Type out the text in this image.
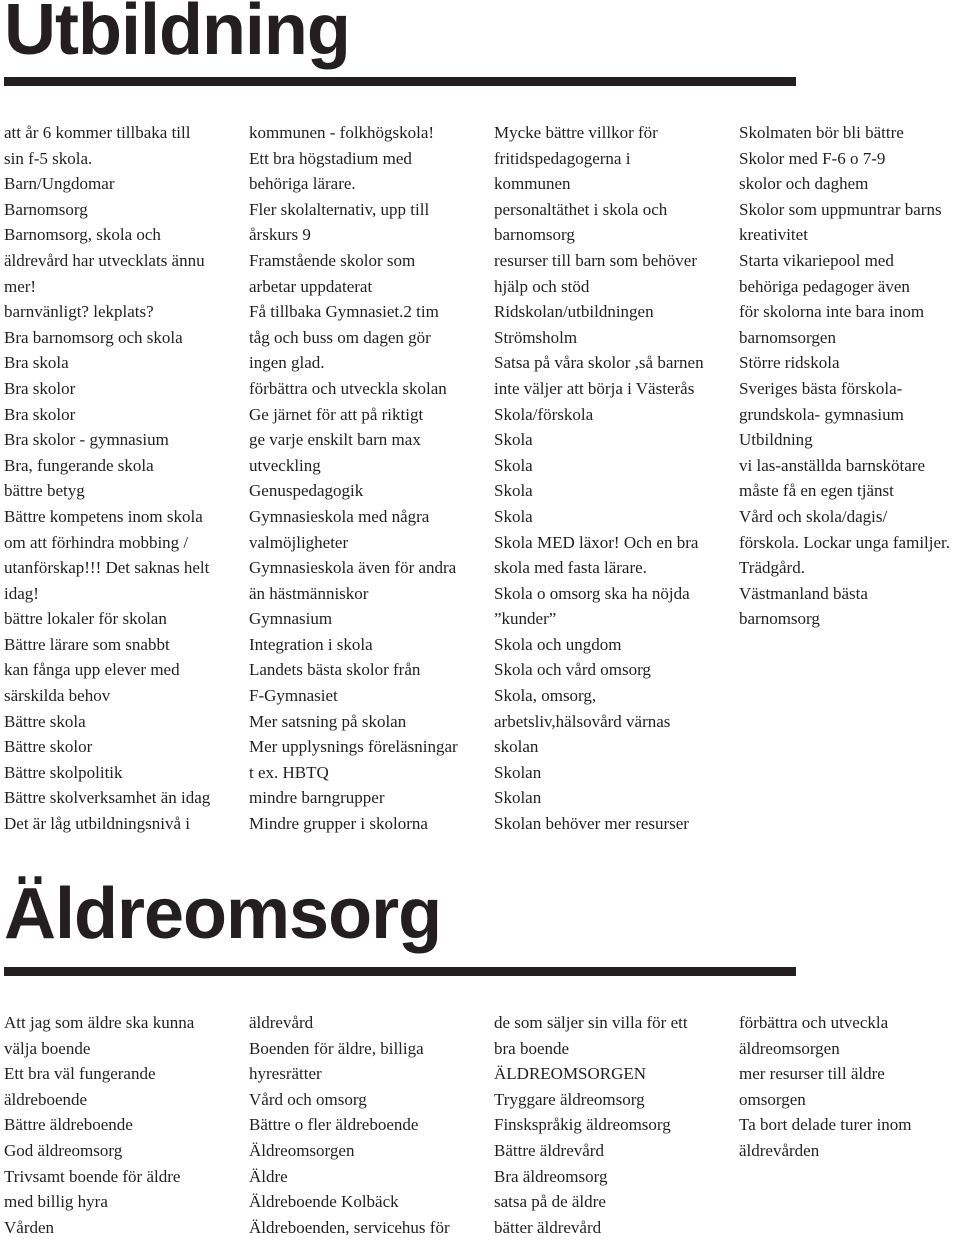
Utbildning
att år 6 kommer tillbaka till
sin f-5 skola.
Barn/Ungdomar
Barnomsorg
Barnomsorg, skola och
äldrevård har utvecklats ännu
mer!
barnvänligt? lekplats?
Bra barnomsorg och skola
Bra skola
Bra skolor
Bra skolor
Bra skolor - gymnasium
Bra, fungerande skola
bättre betyg
Bättre kompetens inom skola
om att förhindra mobbing /
utanförskap!!! Det saknas helt
idag!
bättre lokaler för skolan
Bättre lärare som snabbt
kan fånga upp elever med
särskilda behov
Bättre skola
Bättre skolor
Bättre skolpolitik
Bättre skolverksamhet än idag
Det är låg utbildningsnivå i
kommunen - folkhögskola!
Ett bra högstadium med
behöriga lärare.
Fler skolalternativ, upp till
årskurs 9
Framstående skolor som
arbetar uppdaterat
Få tillbaka Gymnasiet.2 tim
tåg och buss om dagen gör
ingen glad.
förbättra och utveckla skolan
Ge järnet för att på riktigt
ge varje enskilt barn max
utveckling
Genuspedagogik
Gymnasieskola med några
valmöjligheter
Gymnasieskola även för andra
än hästmänniskor
Gymnasium
Integration i skola
Landets bästa skolor från
F-Gymnasiet
Mer satsning på skolan
Mer upplysnings föreläsningar
t ex. HBTQ
mindre barngrupper
Mindre grupper i skolorna
Mycke bättre villkor för
fritidspedagogerna i
kommunen
personaltäthet i skola och
barnomsorg
resurser till barn som behöver
hjälp och stöd
Ridskolan/utbildningen
Strömsholm
Satsa på våra skolor ,så barnen
inte väljer att börja i Västerås
Skola/förskola
Skola
Skola
Skola
Skola
Skola MED läxor! Och en bra
skola med fasta lärare.
Skola o omsorg ska ha nöjda
”kunder”
Skola och ungdom
Skola och vård omsorg
Skola, omsorg,
arbetsliv,hälsovård värnas
skolan
Skolan
Skolan
Skolan behöver mer resurser
Skolmaten bör bli bättre
Skolor med F-6 o 7-9
skolor och daghem
Skolor som uppmuntrar barns
kreativitet
Starta vikariepool med
behöriga pedagoger även
för skolorna inte bara inom
barnomsorgen
Större ridskola
Sveriges bästa förskola-
grundskola- gymnasium
Utbildning
vi las-anställda barnskötare
måste få en egen tjänst
Vård och skola/dagis/
förskola. Lockar unga familjer.
Trädgård.
Västmanland bästa
barnomsorg
Äldreomsorg
Att jag som äldre ska kunna
välja boende
Ett bra väl fungerande
äldreboende
Bättre äldreboende
God äldreomsorg
Trivsamt boende för äldre
med billig hyra
Vården
äldrevård
Boenden för äldre, billiga
hyresrätter
Vård och omsorg
Bättre o fler äldreboende
Äldreomsorgen
Äldre
Äldreboende Kolbäck
Äldreboenden, servicehus för
de som säljer sin villa för ett
bra boende
ÄLDREOMSORGEN
Tryggare äldreomsorg
Finskspråkig äldreomsorg
Bättre äldrevård
Bra äldreomsorg
satsa på de äldre
bätter äldrevård
förbättra och utveckla
äldreomsorgen
mer resurser till äldre
omsorgen
Ta bort delade turer inom
äldrevården
